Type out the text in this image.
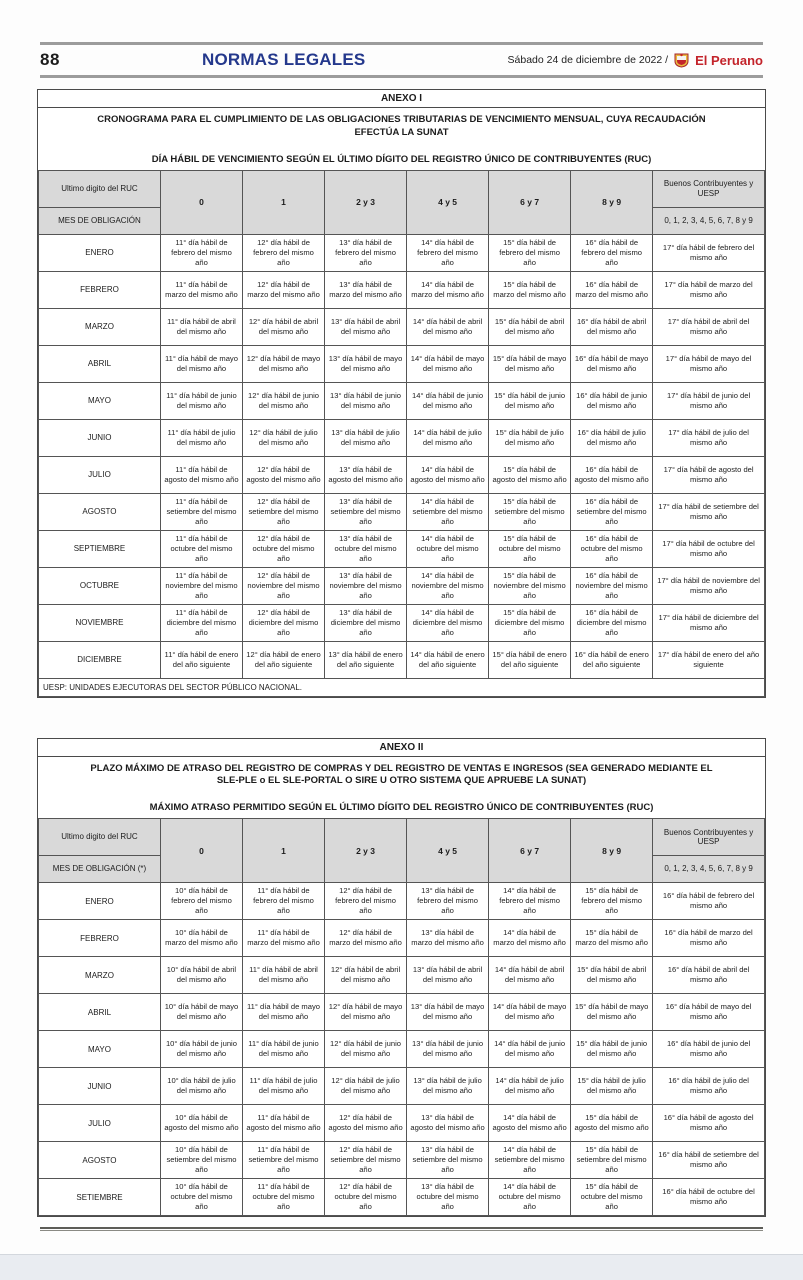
88	NORMAS LEGALES	Sábado 24 de diciembre de 2022 / El Peruano
ANEXO I
CRONOGRAMA PARA EL CUMPLIMIENTO DE LAS OBLIGACIONES TRIBUTARIAS DE VENCIMIENTO MENSUAL, CUYA RECAUDACIÓN EFECTÚA LA SUNAT
DÍA HÁBIL DE VENCIMIENTO SEGÚN EL ÚLTIMO DÍGITO DEL REGISTRO ÚNICO DE CONTRIBUYENTES (RUC)
Ultimo digito del RUC	0	1	2 y 3	4 y 5	6 y 7	8 y 9	Buenos Contribuyentes y UESP
MES DE OBLIGACIÓN							0, 1, 2, 3, 4, 5, 6, 7, 8 y 9
ENERO	11° día hábil de febrero del mismo año	12° día hábil de febrero del mismo año	13° día hábil de febrero del mismo año	14° día hábil de febrero del mismo año	15° día hábil de febrero del mismo año	16° día hábil de febrero del mismo año	17° día hábil de febrero del mismo año
FEBRERO	11° día hábil de marzo del mismo año	12° día hábil de marzo del mismo año	13° día hábil de marzo del mismo año	14° día hábil de marzo del mismo año	15° día hábil de marzo del mismo año	16° día hábil de marzo del mismo año	17° día hábil de marzo del mismo año
MARZO	11° día hábil de abril del mismo año	12° día hábil de abril del mismo año	13° día hábil de abril del mismo año	14° día hábil de abril del mismo año	15° día hábil de abril del mismo año	16° día hábil de abril del mismo año	17° día hábil de abril del mismo año
ABRIL	11° día hábil de mayo del mismo año	12° día hábil de mayo del mismo año	13° día hábil de mayo del mismo año	14° día hábil de mayo del mismo año	15° día hábil de mayo del mismo año	16° día hábil de mayo del mismo año	17° día hábil de mayo del mismo año
MAYO	11° día hábil de junio del mismo año	12° día hábil de junio del mismo año	13° día hábil de junio del mismo año	14° día hábil de junio del mismo año	15° día hábil de junio del mismo año	16° día hábil de junio del mismo año	17° día hábil de junio del mismo año
JUNIO	11° día hábil de julio del mismo año	12° día hábil de julio del mismo año	13° día hábil de julio del mismo año	14° día hábil de julio del mismo año	15° día hábil de julio del mismo año	16° día hábil de julio del mismo año	17° día hábil de julio del mismo año
JULIO	11° día hábil de agosto del mismo año	12° día hábil de agosto del mismo año	13° día hábil de agosto del mismo año	14° día hábil de agosto del mismo año	15° día hábil de agosto del mismo año	16° día hábil de agosto del mismo año	17° día hábil de agosto del mismo año
AGOSTO	11° día hábil de setiembre del mismo año	12° día hábil de setiembre del mismo año	13° día hábil de setiembre del mismo año	14° día hábil de setiembre del mismo año	15° día hábil de setiembre del mismo año	16° día hábil de setiembre del mismo año	17° día hábil de setiembre del mismo año
SEPTIEMBRE	11° día hábil de octubre del mismo año	12° día hábil de octubre del mismo año	13° día hábil de octubre del mismo año	14° día hábil de octubre del mismo año	15° día hábil de octubre del mismo año	16° día hábil de octubre del mismo año	17° día hábil de octubre del mismo año
OCTUBRE	11° día hábil de noviembre del mismo año	12° día hábil de noviembre del mismo año	13° día hábil de noviembre del mismo año	14° día hábil de noviembre del mismo año	15° día hábil de noviembre del mismo año	16° día hábil de noviembre del mismo año	17° día hábil de noviembre del mismo año
NOVIEMBRE	11° día hábil de diciembre del mismo año	12° día hábil de diciembre del mismo año	13° día hábil de diciembre del mismo año	14° día hábil de diciembre del mismo año	15° día hábil de diciembre del mismo año	16° día hábil de diciembre del mismo año	17° día hábil de diciembre del mismo año
DICIEMBRE	11° día hábil de enero del año siguiente	12° día hábil de enero del año siguiente	13° día hábil de enero del año siguiente	14° día hábil de enero del año siguiente	15° día hábil de enero del año siguiente	16° día hábil de enero del año siguiente	17° día hábil de enero del año siguiente
UESP: UNIDADES EJECUTORAS DEL SECTOR PÚBLICO NACIONAL.							
ANEXO II
PLAZO MÁXIMO DE ATRASO DEL REGISTRO DE COMPRAS Y DEL REGISTRO DE VENTAS E INGRESOS (SEA GENERADO MEDIANTE EL SLE-PLE o EL SLE-PORTAL O SIRE U OTRO SISTEMA QUE APRUEBE LA SUNAT)
MÁXIMO ATRASO PERMITIDO SEGÚN EL ÚLTIMO DÍGITO DEL REGISTRO ÚNICO DE CONTRIBUYENTES (RUC)
Ultimo digito del RUC	0	1	2 y 3	4 y 5	6 y 7	8 y 9	Buenos Contribuyentes y UESP
MES DE OBLIGACIÓN (*)							0, 1, 2, 3, 4, 5, 6, 7, 8 y 9
ENERO	10° día hábil de febrero del mismo año	11° día hábil de febrero del mismo año	12° día hábil de febrero del mismo año	13° día hábil de febrero del mismo año	14° día hábil de febrero del mismo año	15° día hábil de febrero del mismo año	16° día hábil de febrero del mismo año
FEBRERO	10° día hábil de marzo del mismo año	11° día hábil de marzo del mismo año	12° día hábil de marzo del mismo año	13° día hábil de marzo del mismo año	14° día hábil de marzo del mismo año	15° día hábil de marzo del mismo año	16° día hábil de marzo del mismo año
MARZO	10° día hábil de abril del mismo año	11° día hábil de abril del mismo año	12° día hábil de abril del mismo año	13° día hábil de abril del mismo año	14° día hábil de abril del mismo año	15° día hábil de abril del mismo año	16° día hábil de abril del mismo año
ABRIL	10° día hábil de mayo del mismo año	11° día hábil de mayo del mismo año	12° día hábil de mayo del mismo año	13° día hábil de mayo del mismo año	14° día hábil de mayo del mismo año	15° día hábil de mayo del mismo año	16° día hábil de mayo del mismo año
MAYO	10° día hábil de junio del mismo año	11° día hábil de junio del mismo año	12° día hábil de junio del mismo año	13° día hábil de junio del mismo año	14° día hábil de junio del mismo año	15° día hábil de junio del mismo año	16° día hábil de junio del mismo año
JUNIO	10° día hábil de julio del mismo año	11° día hábil de julio del mismo año	12° día hábil de julio del mismo año	13° día hábil de julio del mismo año	14° día hábil de julio del mismo año	15° día hábil de julio del mismo año	16° día hábil de julio del mismo año
JULIO	10° día hábil de agosto del mismo año	11° día hábil de agosto del mismo año	12° día hábil de agosto del mismo año	13° día hábil de agosto del mismo año	14° día hábil de agosto del mismo año	15° día hábil de agosto del mismo año	16° día hábil de agosto del mismo año
AGOSTO	10° día hábil de setiembre del mismo año	11° día hábil de setiembre del mismo año	12° día hábil de setiembre del mismo año	13° día hábil de setiembre del mismo año	14° día hábil de setiembre del mismo año	15° día hábil de setiembre del mismo año	16° día hábil de setiembre del mismo año
SETIEMBRE	10° día hábil de octubre del mismo año	11° día hábil de octubre del mismo año	12° día hábil de octubre del mismo año	13° día hábil de octubre del mismo año	14° día hábil de octubre del mismo año	15° día hábil de octubre del mismo año	16° día hábil de octubre del mismo año
